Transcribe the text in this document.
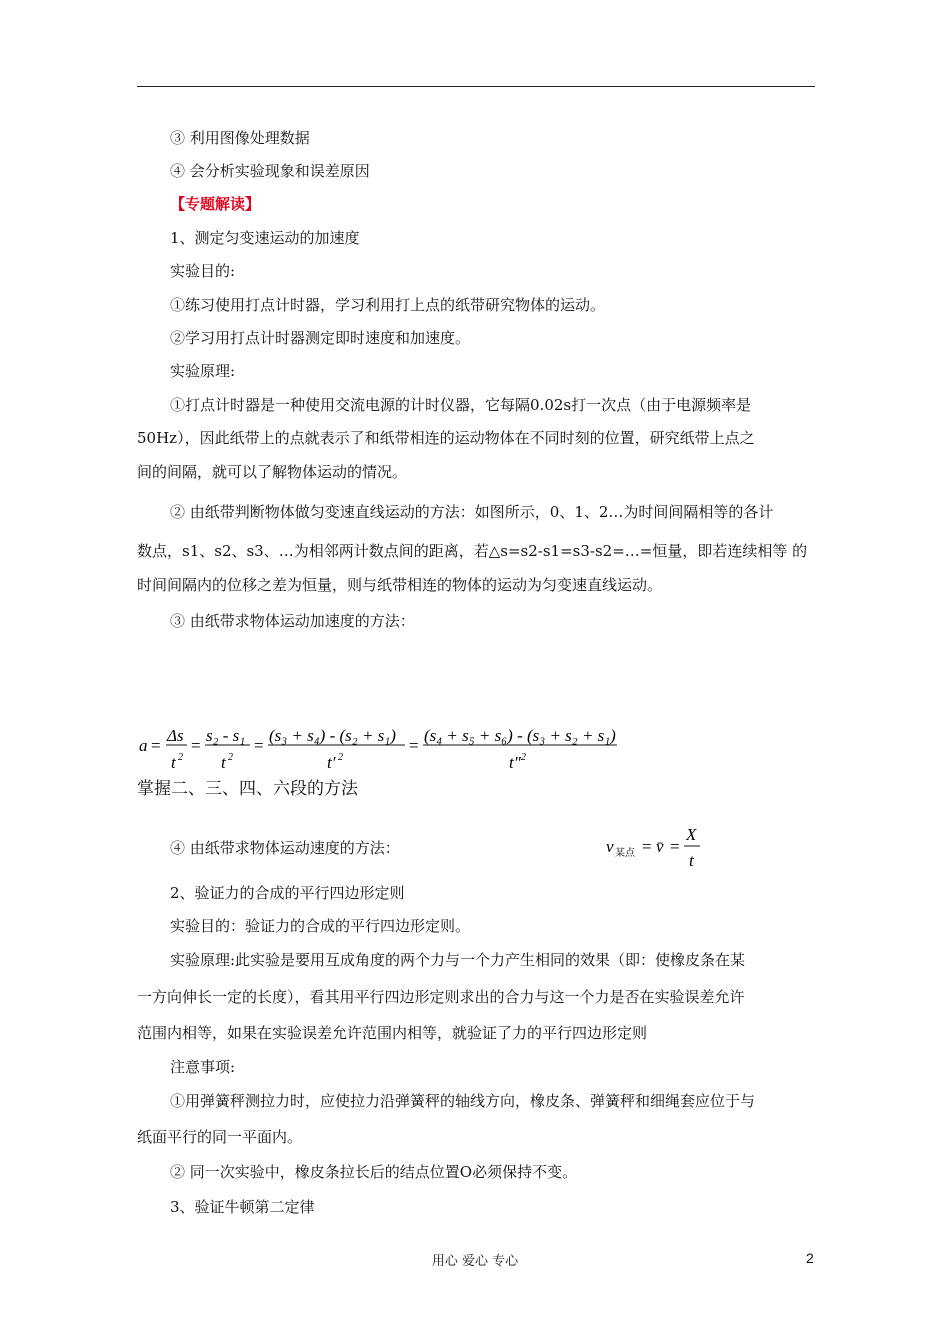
③ 利用图像处理数据
④ 会分析实验现象和误差原因
【专题解读】
1、测定匀变速运动的加速度
实验目的:
①练习使用打点计时器，学习利用打上点的纸带研究物体的运动。
②学习用打点计时器测定即时速度和加速度。
实验原理:
①打点计时器是一种使用交流电源的计时仪器，它每隔0.02s打一次点（由于电源频率是
50Hz），因此纸带上的点就表示了和纸带相连的运动物体在不同时刻的位置，研究纸带上点之
间的间隔，就可以了解物体运动的情况。
② 由纸带判断物体做匀变速直线运动的方法：如图所示，0、1、2…为时间间隔相等的各计
数点，s1、s2、s3、…为相邻两计数点间的距离，若△s=s2-s1=s3-s2=…=恒量，即若连续相等 的
时间间隔内的位移之差为恒量，则与纸带相连的物体的运动为匀变速直线运动。
③ 由纸带求物体运动加速度的方法：
a =
Δs
t 2
=
s₂ - s₁
t 2
=
(s₃ + s₄) - (s₂ + s₁)
t′ 2
=
(s₄ + s₅ + s₆) - (s₃ + s₂ + s₁)
t″ 2
掌握二、三、四、六段的方法
④ 由纸带求物体运动速度的方法：	v 某点 = v̄ =
X
t
2、验证力的合成的平行四边形定则
实验目的：验证力的合成的平行四边形定则。
实验原理:此实验是要用互成角度的两个力与一个力产生相同的效果（即：使橡皮条在某
一方向伸长一定的长度），看其用平行四边形定则求出的合力与这一个力是否在实验误差允许
范围内相等，如果在实验误差允许范围内相等，就验证了力的平行四边形定则
注意事项:
①用弹簧秤测拉力时，应使拉力沿弹簧秤的轴线方向，橡皮条、弹簧秤和细绳套应位于与
纸面平行的同一平面内。
② 同一次实验中，橡皮条拉长后的结点位置O必须保持不变。
3、验证牛顿第二定律
用心 爱心 专心	2
